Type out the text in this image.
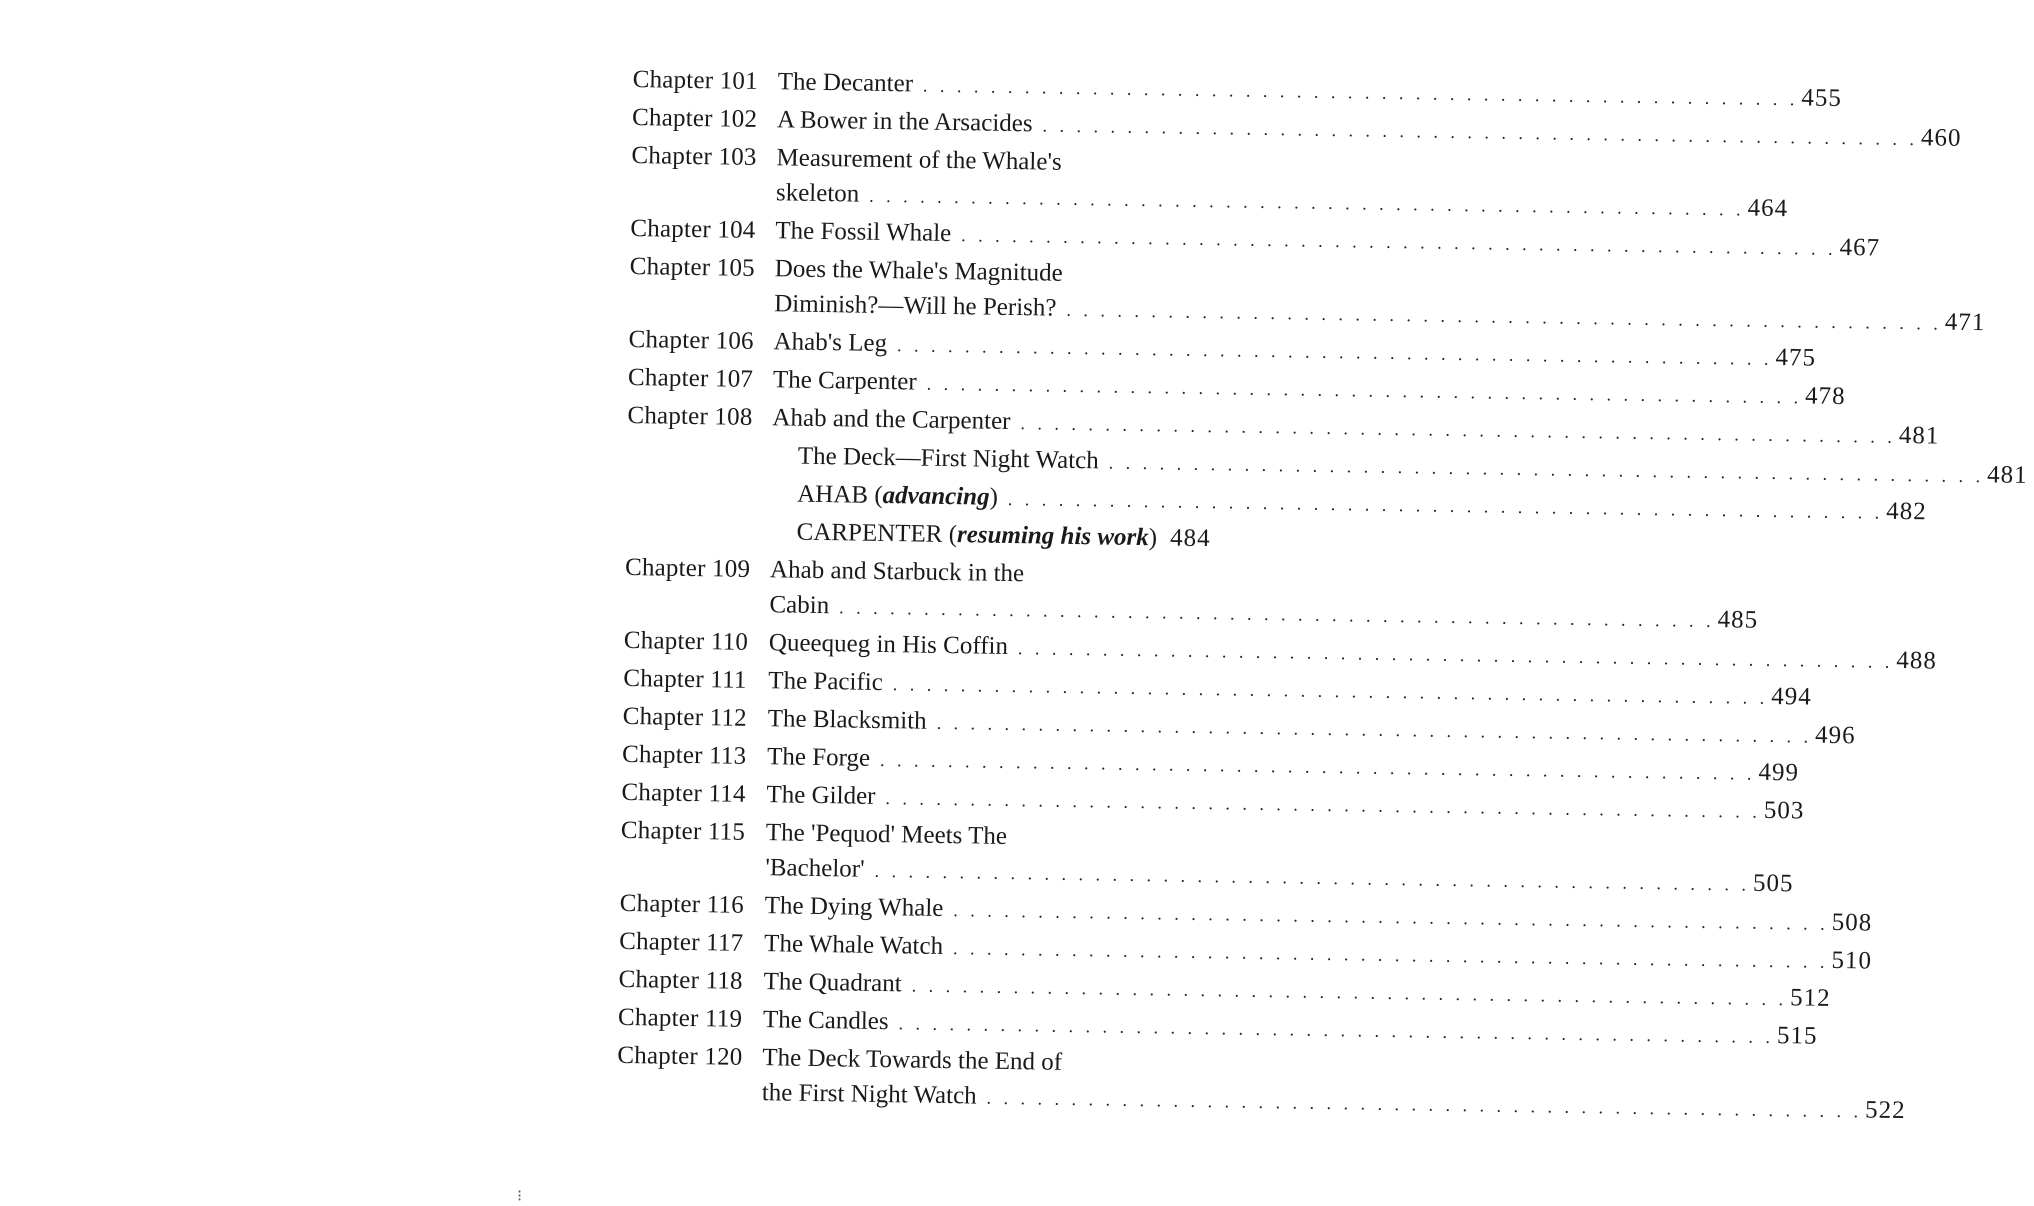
Chapter 101 The Decanter . . . . . . . . . . . . . . . . . . . . . . . . . . . . . . . . . . . . . . . . . . . . . . . . . . . . 455
Chapter 102 A Bower in the Arsacides . . . . . . . . . . . . . . . . . . . . . . . . . . . . . . . . . . . . . . . . . . . . . . . . . . . . 460
Chapter 103 Measurement of the Whale's
skeleton . . . . . . . . . . . . . . . . . . . . . . . . . . . . . . . . . . . . . . . . . . . . . . . . . . . . 464
Chapter 104 The Fossil Whale . . . . . . . . . . . . . . . . . . . . . . . . . . . . . . . . . . . . . . . . . . . . . . . . . . . . 467
Chapter 105 Does the Whale's Magnitude
Diminish?—Will he Perish? . . . . . . . . . . . . . . . . . . . . . . . . . . . . . . . . . . . . . . . . . . . . . . . . . . . . 471
Chapter 106 Ahab's Leg . . . . . . . . . . . . . . . . . . . . . . . . . . . . . . . . . . . . . . . . . . . . . . . . . . . . 475
Chapter 107 The Carpenter . . . . . . . . . . . . . . . . . . . . . . . . . . . . . . . . . . . . . . . . . . . . . . . . . . . . 478
Chapter 108 Ahab and the Carpenter . . . . . . . . . . . . . . . . . . . . . . . . . . . . . . . . . . . . . . . . . . . . . . . . . . . . 481
The Deck—First Night Watch . . . . . . . . . . . . . . . . . . . . . . . . . . . . . . . . . . . . . . . . . . . . . . . . . . . . 481
AHAB (advancing) . . . . . . . . . . . . . . . . . . . . . . . . . . . . . . . . . . . . . . . . . . . . . . . . . . . . 482
CARPENTER (resuming his work) 484
Chapter 109 Ahab and Starbuck in the
Cabin . . . . . . . . . . . . . . . . . . . . . . . . . . . . . . . . . . . . . . . . . . . . . . . . . . . . 485
Chapter 110 Queequeg in His Coffin . . . . . . . . . . . . . . . . . . . . . . . . . . . . . . . . . . . . . . . . . . . . . . . . . . . . 488
Chapter 111 The Pacific . . . . . . . . . . . . . . . . . . . . . . . . . . . . . . . . . . . . . . . . . . . . . . . . . . . . 494
Chapter 112 The Blacksmith . . . . . . . . . . . . . . . . . . . . . . . . . . . . . . . . . . . . . . . . . . . . . . . . . . . . 496
Chapter 113 The Forge . . . . . . . . . . . . . . . . . . . . . . . . . . . . . . . . . . . . . . . . . . . . . . . . . . . . 499
Chapter 114 The Gilder . . . . . . . . . . . . . . . . . . . . . . . . . . . . . . . . . . . . . . . . . . . . . . . . . . . . 503
Chapter 115 The 'Pequod' Meets The
'Bachelor' . . . . . . . . . . . . . . . . . . . . . . . . . . . . . . . . . . . . . . . . . . . . . . . . . . . . 505
Chapter 116 The Dying Whale . . . . . . . . . . . . . . . . . . . . . . . . . . . . . . . . . . . . . . . . . . . . . . . . . . . . 508
Chapter 117 The Whale Watch . . . . . . . . . . . . . . . . . . . . . . . . . . . . . . . . . . . . . . . . . . . . . . . . . . . . 510
Chapter 118 The Quadrant . . . . . . . . . . . . . . . . . . . . . . . . . . . . . . . . . . . . . . . . . . . . . . . . . . . . 512
Chapter 119 The Candles . . . . . . . . . . . . . . . . . . . . . . . . . . . . . . . . . . . . . . . . . . . . . . . . . . . . 515
Chapter 120 The Deck Towards the End of
the First Night Watch . . . . . . . . . . . . . . . . . . . . . . . . . . . . . . . . . . . . . . . . . . . . . . . . . . . . 522
⁝
